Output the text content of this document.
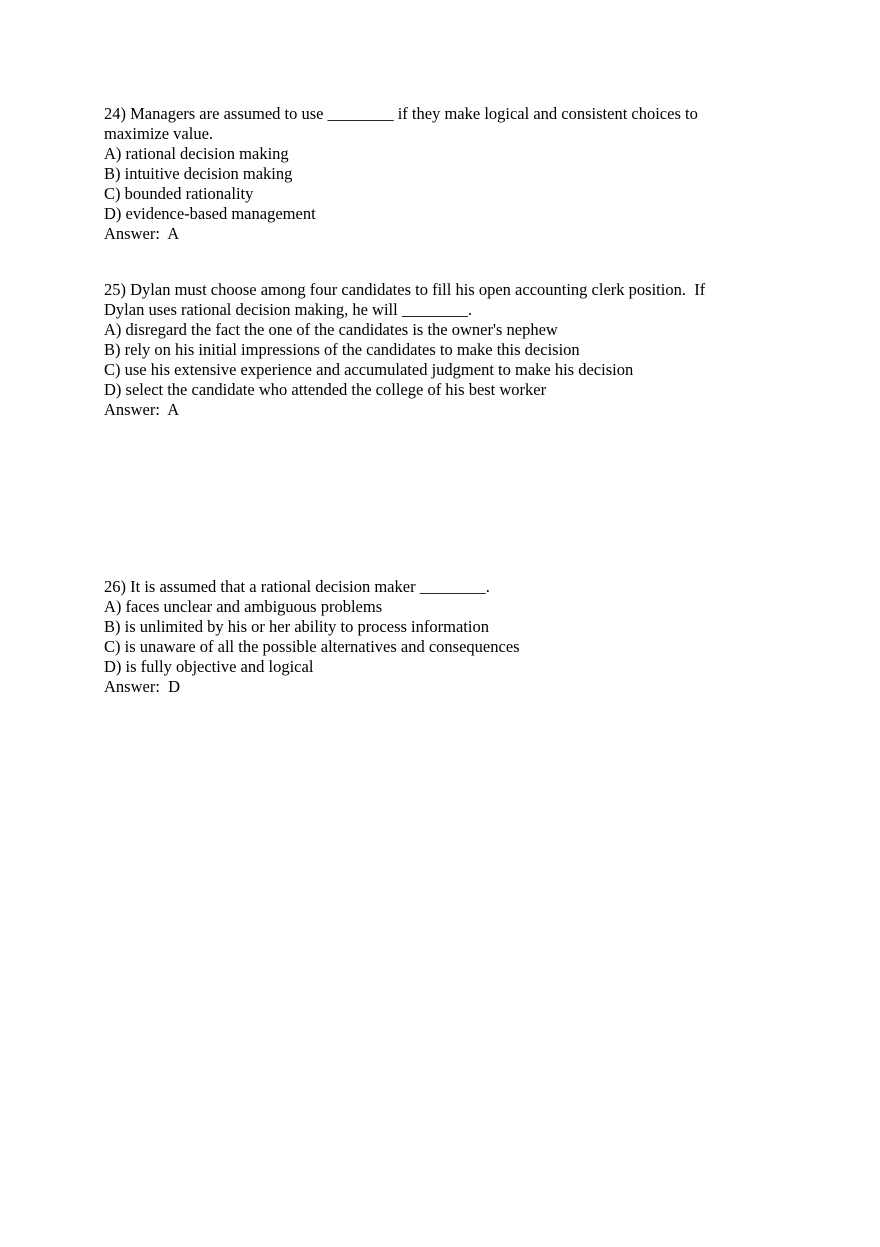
24) Managers are assumed to use ________ if they make logical and consistent choices to
maximize value.
A) rational decision making
B) intuitive decision making
C) bounded rationality
D) evidence-based management
Answer:  A
25) Dylan must choose among four candidates to fill his open accounting clerk position.  If
Dylan uses rational decision making, he will ________.
A) disregard the fact the one of the candidates is the owner's nephew
B) rely on his initial impressions of the candidates to make this decision
C) use his extensive experience and accumulated judgment to make his decision
D) select the candidate who attended the college of his best worker
Answer:  A
26) It is assumed that a rational decision maker ________.
A) faces unclear and ambiguous problems
B) is unlimited by his or her ability to process information
C) is unaware of all the possible alternatives and consequences
D) is fully objective and logical
Answer:  D
